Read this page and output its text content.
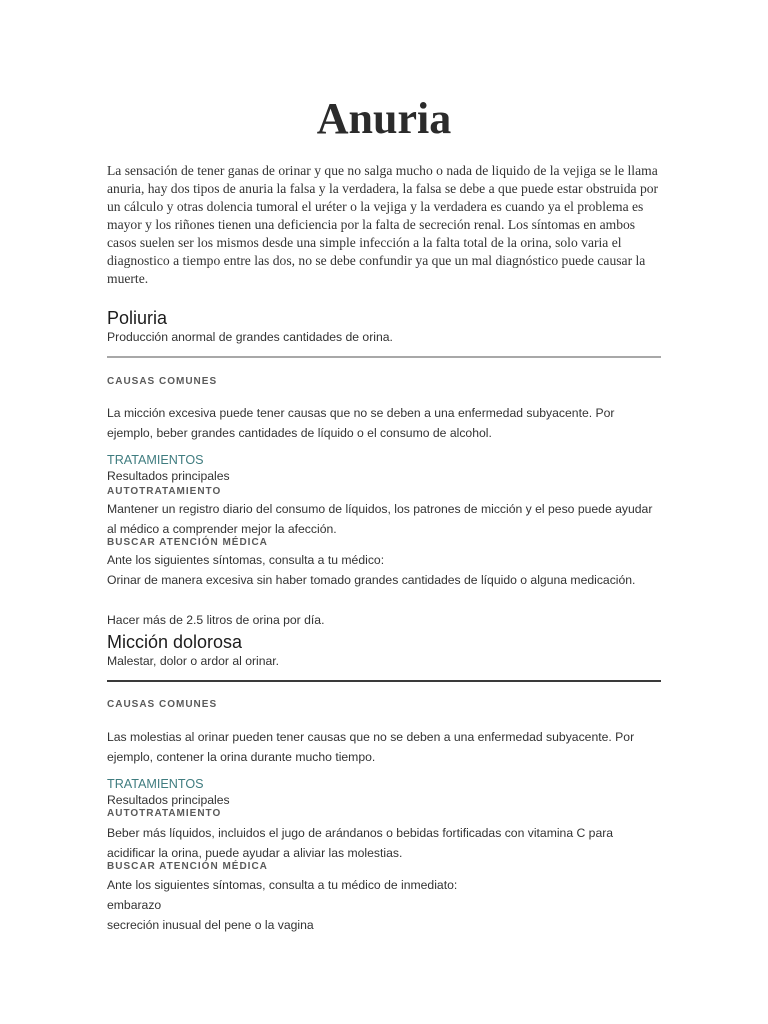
Anuria
La sensación de tener ganas de orinar y que no salga mucho o nada de liquido de la vejiga se le llama anuria, hay dos tipos de anuria la falsa y la verdadera, la falsa se debe a que puede estar obstruida por un cálculo y otras dolencia tumoral el uréter o la vejiga y la verdadera es cuando ya el problema es mayor y los riñones tienen una deficiencia por la falta de secreción renal. Los síntomas en ambos casos suelen ser los mismos desde una simple infección a la falta total de la orina, solo varia el diagnostico a tiempo entre las dos, no se debe confundir ya que un mal diagnóstico puede causar la muerte.
Poliuria
Producción anormal de grandes cantidades de orina.
CAUSAS COMUNES
La micción excesiva puede tener causas que no se deben a una enfermedad subyacente. Por ejemplo, beber grandes cantidades de líquido o el consumo de alcohol.
TRATAMIENTOS
Resultados principales
AUTOTRATAMIENTO
Mantener un registro diario del consumo de líquidos, los patrones de micción y el peso puede ayudar al médico a comprender mejor la afección.
BUSCAR ATENCIÓN MÉDICA
Ante los siguientes síntomas, consulta a tu médico:
Orinar de manera excesiva sin haber tomado grandes cantidades de líquido o alguna medicación.
Hacer más de 2.5 litros de orina por día.
Micción dolorosa
Malestar, dolor o ardor al orinar.
CAUSAS COMUNES
Las molestias al orinar pueden tener causas que no se deben a una enfermedad subyacente. Por ejemplo, contener la orina durante mucho tiempo.
TRATAMIENTOS
Resultados principales
AUTOTRATAMIENTO
Beber más líquidos, incluidos el jugo de arándanos o bebidas fortificadas con vitamina C para acidificar la orina, puede ayudar a aliviar las molestias.
BUSCAR ATENCIÓN MÉDICA
Ante los siguientes síntomas, consulta a tu médico de inmediato:
embarazo
secreción inusual del pene o la vagina
